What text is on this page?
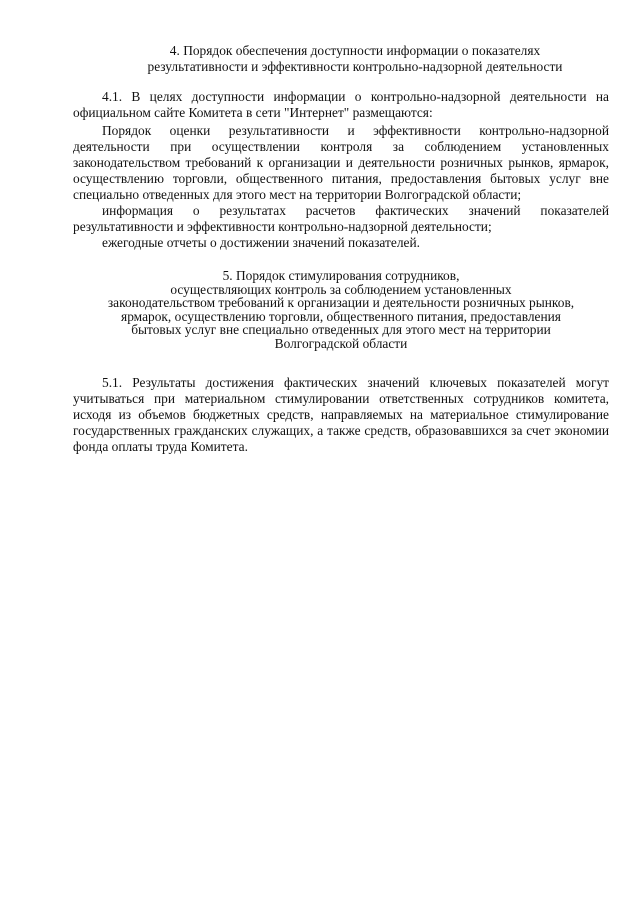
4. Порядок обеспечения доступности информации о показателях
результативности и эффективности контрольно-надзорной деятельности

4.1. В целях доступности информации о контрольно-надзорной деятельности на официальном сайте Комитета в сети "Интернет" размещаются:

Порядок оценки результативности и эффективности контрольно-надзорной деятельности при осуществлении контроля за соблюдением установленных законодательством требований к организации и деятельности розничных рынков, ярмарок, осуществлению торговли, общественного питания, предоставления бытовых услуг вне специально отведенных для этого мест на территории Волгоградской области;

информация о результатах расчетов фактических значений показателей результативности и эффективности контрольно-надзорной деятельности;

ежегодные отчеты о достижении значений показателей.

5. Порядок стимулирования сотрудников,
осуществляющих контроль за соблюдением установленных
законодательством требований к организации и деятельности розничных рынков,
ярмарок, осуществлению торговли, общественного питания, предоставления
бытовых услуг вне специально отведенных для этого мест на территории
Волгоградской области

5.1. Результаты достижения фактических значений ключевых показателей могут учитываться при материальном стимулировании ответственных сотрудников комитета, исходя из объемов бюджетных средств, направляемых на материальное стимулирование государственных гражданских служащих, а также средств, образовавшихся за счет экономии фонда оплаты труда Комитета.
